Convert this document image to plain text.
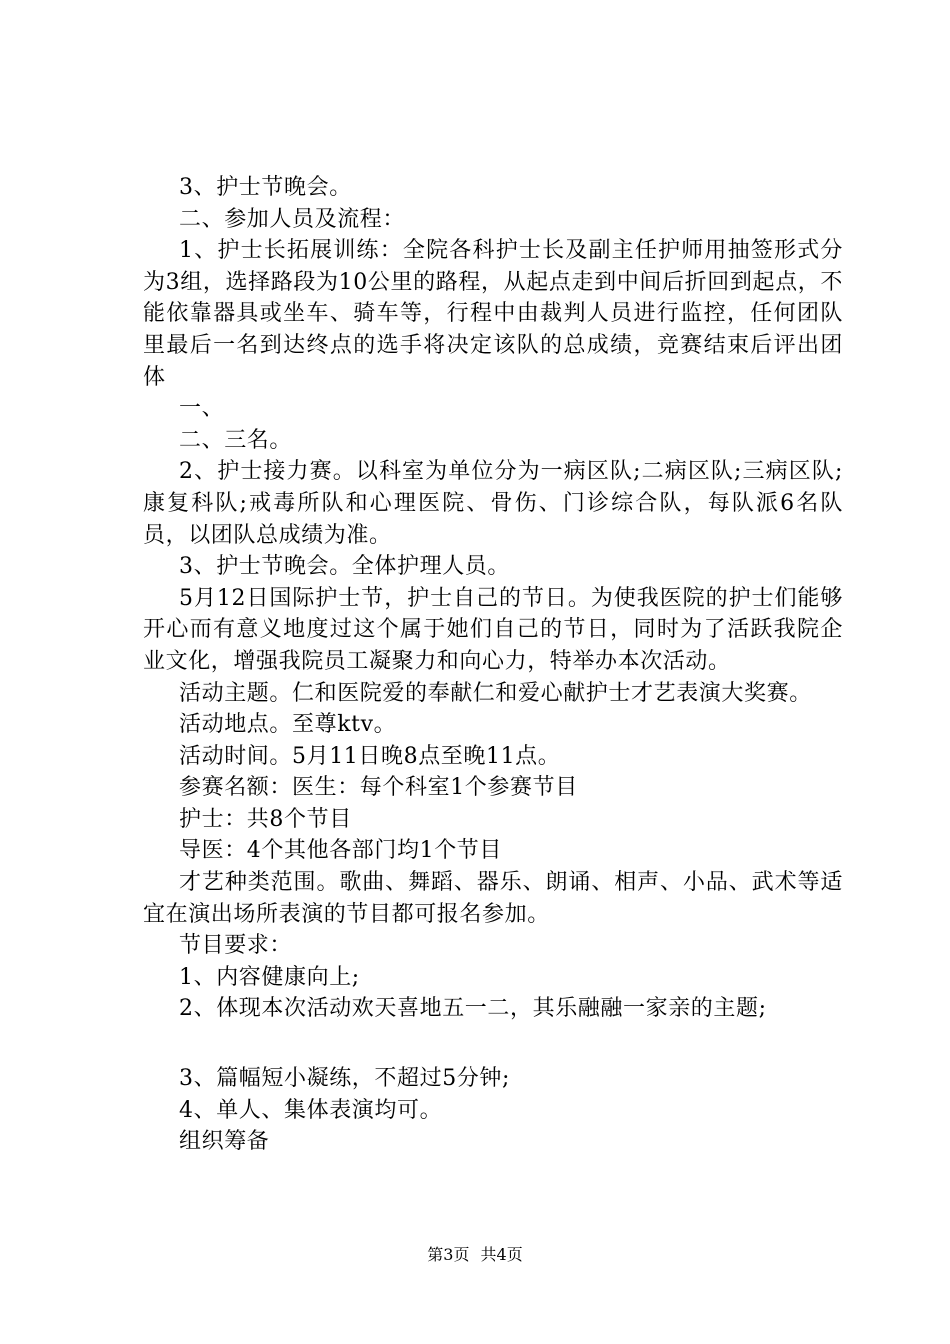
3、护士节晚会。

二、参加人员及流程：

1、护士长拓展训练：全院各科护士长及副主任护师用抽签形式分为3组，选择路段为10公里的路程，从起点走到中间后折回到起点，不能依靠器具或坐车、骑车等，行程中由裁判人员进行监控，任何团队里最后一名到达终点的选手将决定该队的总成绩，竞赛结束后评出团体

一、

二、三名。

2、护士接力赛。以科室为单位分为一病区队;二病区队;三病区队;康复科队;戒毒所队和心理医院、骨伤、门诊综合队，每队派6名队员，以团队总成绩为准。

3、护士节晚会。全体护理人员。

5月12日国际护士节，护士自己的节日。为使我医院的护士们能够开心而有意义地度过这个属于她们自己的节日，同时为了活跃我院企业文化，增强我院员工凝聚力和向心力，特举办本次活动。

活动主题。仁和医院爱的奉献仁和爱心献护士才艺表演大奖赛。

活动地点。至尊ktv。

活动时间。5月11日晚8点至晚11点。

参赛名额：医生：每个科室1个参赛节目

护士：共8个节目

导医：4个其他各部门均1个节目

才艺种类范围。歌曲、舞蹈、器乐、朗诵、相声、小品、武术等适宜在演出场所表演的节目都可报名参加。

节目要求：

1、内容健康向上;

2、体现本次活动欢天喜地五一二，其乐融融一家亲的主题;

3、篇幅短小凝练，不超过5分钟;

4、单人、集体表演均可。

组织筹备

第3页 共4页
